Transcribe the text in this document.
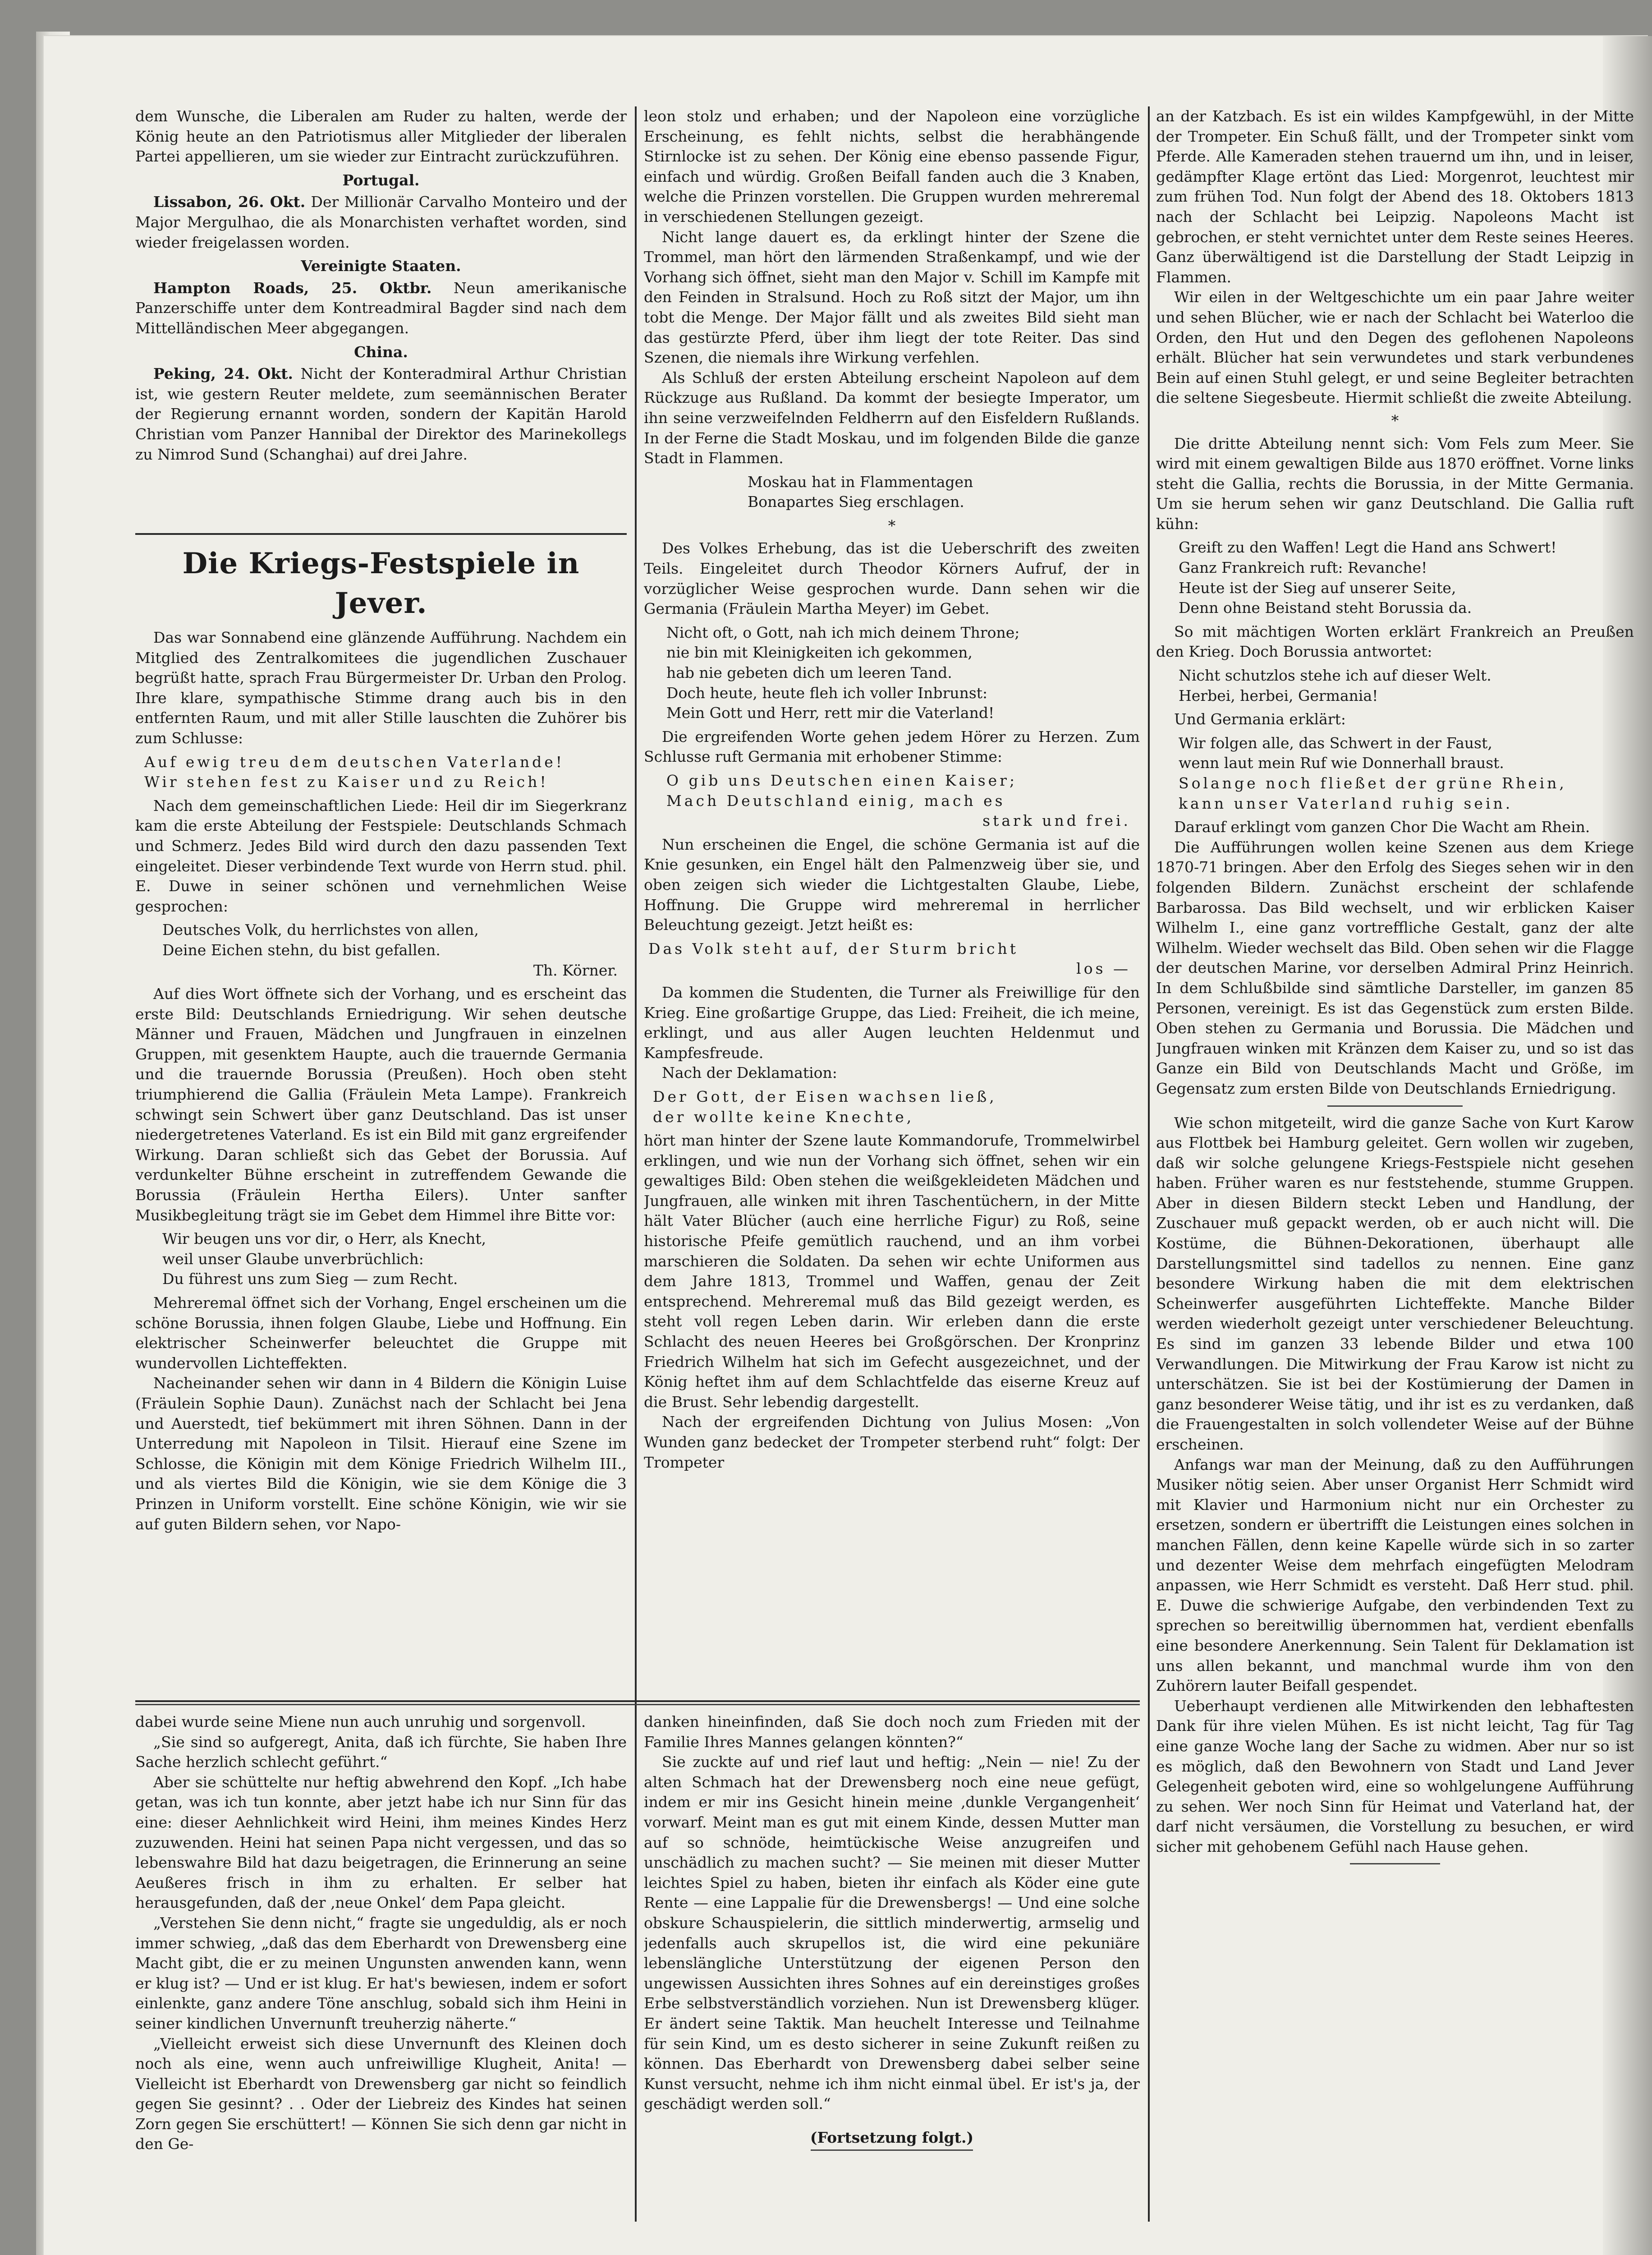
dem Wunsche, die Liberalen am Ruder zu halten, werde der König heute an den Patriotismus aller Mitglieder der liberalen Partei appellieren, um sie wieder zur Eintracht zurückzuführen.

Portugal.

Lissabon, 26. Okt. Der Millionär Carvalho Monteiro und der Major Mergulhao, die als Monarchisten verhaftet worden, sind wieder freigelassen worden.

Vereinigte Staaten.

Hampton Roads, 25. Oktbr. Neun amerikanische Panzerschiffe unter dem Kontreadmiral Bagder sind nach dem Mittelländischen Meer abgegangen.

China.

Peking, 24. Okt. Nicht der Konteradmiral Arthur Christian ist, wie gestern Reuter meldete, zum seemännischen Berater der Regierung ernannt worden, sondern der Kapitän Harold Christian vom Panzer Hannibal der Direktor des Marinekollegs zu Nimrod Sund (Schanghai) auf drei Jahre.

Die Kriegs-Festspiele in Jever.

Das war Sonnabend eine glänzende Aufführung. Nachdem ein Mitglied des Zentralkomitees die jugendlichen Zuschauer begrüßt hatte, sprach Frau Bürgermeister Dr. Urban den Prolog. Ihre klare, sympathische Stimme drang auch bis in den entfernten Raum, und mit aller Stille lauschten die Zuhörer bis zum Schlusse:

Auf ewig treu dem deutschen Vaterlande!
Wir stehen fest zu Kaiser und zu Reich!

Nach dem gemeinschaftlichen Liede: Heil dir im Siegerkranz kam die erste Abteilung der Festspiele: Deutschlands Schmach und Schmerz. Jedes Bild wird durch den dazu passenden Text eingeleitet. Dieser verbindende Text wurde von Herrn stud. phil. E. Duwe in seiner schönen und vernehmlichen Weise gesprochen:

Deutsches Volk, du herrlichstes von allen,
Deine Eichen stehn, du bist gefallen.
Th. Körner.

Auf dies Wort öffnete sich der Vorhang, und es erscheint das erste Bild: Deutschlands Erniedrigung. Wir sehen deutsche Männer und Frauen, Mädchen und Jungfrauen in einzelnen Gruppen, mit gesenktem Haupte, auch die trauernde Germania und die trauernde Borussia (Preußen). Hoch oben steht triumphierend die Gallia (Fräulein Meta Lampe). Frankreich schwingt sein Schwert über ganz Deutschland. Das ist unser niedergetretenes Vaterland. Es ist ein Bild mit ganz ergreifender Wirkung. Daran schließt sich das Gebet der Borussia. Auf verdunkelter Bühne erscheint in zutreffendem Gewande die Borussia (Fräulein Hertha Eilers). Unter sanfter Musikbegleitung trägt sie im Gebet dem Himmel ihre Bitte vor:

Wir beugen uns vor dir, o Herr, als Knecht,
weil unser Glaube unverbrüchlich:
Du führest uns zum Sieg — zum Recht.

Mehreremal öffnet sich der Vorhang, Engel erscheinen um die schöne Borussia, ihnen folgen Glaube, Liebe und Hoffnung. Ein elektrischer Scheinwerfer beleuchtet die Gruppe mit wundervollen Lichteffekten.

Nacheinander sehen wir dann in 4 Bildern die Königin Luise (Fräulein Sophie Daun). Zunächst nach der Schlacht bei Jena und Auerstedt, tief bekümmert mit ihren Söhnen. Dann in der Unterredung mit Napoleon in Tilsit. Hierauf eine Szene im Schlosse, die Königin mit dem Könige Friedrich Wilhelm III., und als viertes Bild die Königin, wie sie dem Könige die 3 Prinzen in Uniform vorstellt. Eine schöne Königin, wie wir sie auf guten Bildern sehen, vor Napo-

leon stolz und erhaben; und der Napoleon eine vorzügliche Erscheinung, es fehlt nichts, selbst die herabhängende Stirnlocke ist zu sehen. Der König eine ebenso passende Figur, einfach und würdig. Großen Beifall fanden auch die 3 Knaben, welche die Prinzen vorstellen. Die Gruppen wurden mehreremal in verschiedenen Stellungen gezeigt.

Nicht lange dauert es, da erklingt hinter der Szene die Trommel, man hört den lärmenden Straßenkampf, und wie der Vorhang sich öffnet, sieht man den Major v. Schill im Kampfe mit den Feinden in Stralsund. Hoch zu Roß sitzt der Major, um ihn tobt die Menge. Der Major fällt und als zweites Bild sieht man das gestürzte Pferd, über ihm liegt der tote Reiter. Das sind Szenen, die niemals ihre Wirkung verfehlen.

Als Schluß der ersten Abteilung erscheint Napoleon auf dem Rückzuge aus Rußland. Da kommt der besiegte Imperator, um ihn seine verzweifelnden Feldherrn auf den Eisfeldern Rußlands. In der Ferne die Stadt Moskau, und im folgenden Bilde die ganze Stadt in Flammen.

Moskau hat in Flammentagen
Bonapartes Sieg erschlagen.

*

Des Volkes Erhebung, das ist die Ueberschrift des zweiten Teils. Eingeleitet durch Theodor Körners Aufruf, der in vorzüglicher Weise gesprochen wurde. Dann sehen wir die Germania (Fräulein Martha Meyer) im Gebet.

Nicht oft, o Gott, nah ich mich deinem Throne;
nie bin mit Kleinigkeiten ich gekommen,
hab nie gebeten dich um leeren Tand.
Doch heute, heute fleh ich voller Inbrunst:
Mein Gott und Herr, rett mir die Vaterland!

Die ergreifenden Worte gehen jedem Hörer zu Herzen. Zum Schlusse ruft Germania mit erhobener Stimme:

O gib uns Deutschen einen Kaiser;
Mach Deutschland einig, mach es
stark und frei.

Nun erscheinen die Engel, die schöne Germania ist auf die Knie gesunken, ein Engel hält den Palmenzweig über sie, und oben zeigen sich wieder die Lichtgestalten Glaube, Liebe, Hoffnung. Die Gruppe wird mehreremal in herrlicher Beleuchtung gezeigt. Jetzt heißt es:

Das Volk steht auf, der Sturm bricht
los —

Da kommen die Studenten, die Turner als Freiwillige für den Krieg. Eine großartige Gruppe, das Lied: Freiheit, die ich meine, erklingt, und aus aller Augen leuchten Heldenmut und Kampfesfreude.

Nach der Deklamation:

Der Gott, der Eisen wachsen ließ,
der wollte keine Knechte,

hört man hinter der Szene laute Kommandorufe, Trommelwirbel erklingen, und wie nun der Vorhang sich öffnet, sehen wir ein gewaltiges Bild: Oben stehen die weißgekleideten Mädchen und Jungfrauen, alle winken mit ihren Taschentüchern, in der Mitte hält Vater Blücher (auch eine herrliche Figur) zu Roß, seine historische Pfeife gemütlich rauchend, und an ihm vorbei marschieren die Soldaten. Da sehen wir echte Uniformen aus dem Jahre 1813, Trommel und Waffen, genau der Zeit entsprechend. Mehreremal muß das Bild gezeigt werden, es steht voll regen Leben darin. Wir erleben dann die erste Schlacht des neuen Heeres bei Großgörschen. Der Kronprinz Friedrich Wilhelm hat sich im Gefecht ausgezeichnet, und der König heftet ihm auf dem Schlachtfelde das eiserne Kreuz auf die Brust. Sehr lebendig dargestellt.

Nach der ergreifenden Dichtung von Julius Mosen: „Von Wunden ganz bedecket der Trompeter sterbend ruht“ folgt: Der Trompeter

an der Katzbach. Es ist ein wildes Kampfgewühl, in der Mitte der Trompeter. Ein Schuß fällt, und der Trompeter sinkt vom Pferde. Alle Kameraden stehen trauernd um ihn, und in leiser, gedämpfter Klage ertönt das Lied: Morgenrot, leuchtest mir zum frühen Tod. Nun folgt der Abend des 18. Oktobers 1813 nach der Schlacht bei Leipzig. Napoleons Macht ist gebrochen, er steht vernichtet unter dem Reste seines Heeres. Ganz überwältigend ist die Darstellung der Stadt Leipzig in Flammen.

Wir eilen in der Weltgeschichte um ein paar Jahre weiter und sehen Blücher, wie er nach der Schlacht bei Waterloo die Orden, den Hut und den Degen des geflohenen Napoleons erhält. Blücher hat sein verwundetes und stark verbundenes Bein auf einen Stuhl gelegt, er und seine Begleiter betrachten die seltene Siegesbeute. Hiermit schließt die zweite Abteilung.

*

Die dritte Abteilung nennt sich: Vom Fels zum Meer. Sie wird mit einem gewaltigen Bilde aus 1870 eröffnet. Vorne links steht die Gallia, rechts die Borussia, in der Mitte Germania. Um sie herum sehen wir ganz Deutschland. Die Gallia ruft kühn:

Greift zu den Waffen! Legt die Hand ans Schwert!
Ganz Frankreich ruft: Revanche!
Heute ist der Sieg auf unserer Seite,
Denn ohne Beistand steht Borussia da.

So mit mächtigen Worten erklärt Frankreich an Preußen den Krieg. Doch Borussia antwortet:

Nicht schutzlos stehe ich auf dieser Welt.
Herbei, herbei, Germania!

Und Germania erklärt:

Wir folgen alle, das Schwert in der Faust,
wenn laut mein Ruf wie Donnerhall braust.
Solange noch fließet der grüne Rhein,
kann unser Vaterland ruhig sein.

Darauf erklingt vom ganzen Chor Die Wacht am Rhein.

Die Aufführungen wollen keine Szenen aus dem Kriege 1870-71 bringen. Aber den Erfolg des Sieges sehen wir in den folgenden Bildern. Zunächst erscheint der schlafende Barbarossa. Das Bild wechselt, und wir erblicken Kaiser Wilhelm I., eine ganz vortreffliche Gestalt, ganz der alte Wilhelm. Wieder wechselt das Bild. Oben sehen wir die Flagge der deutschen Marine, vor derselben Admiral Prinz Heinrich. In dem Schlußbilde sind sämtliche Darsteller, im ganzen 85 Personen, vereinigt. Es ist das Gegenstück zum ersten Bilde. Oben stehen zu Germania und Borussia. Die Mädchen und Jungfrauen winken mit Kränzen dem Kaiser zu, und so ist das Ganze ein Bild von Deutschlands Macht und Größe, im Gegensatz zum ersten Bilde von Deutschlands Erniedrigung.

Wie schon mitgeteilt, wird die ganze Sache von Kurt Karow aus Flottbek bei Hamburg geleitet. Gern wollen wir zugeben, daß wir solche gelungene Kriegs-Festspiele nicht gesehen haben. Früher waren es nur feststehende, stumme Gruppen. Aber in diesen Bildern steckt Leben und Handlung, der Zuschauer muß gepackt werden, ob er auch nicht will. Die Kostüme, die Bühnen-Dekorationen, überhaupt alle Darstellungsmittel sind tadellos zu nennen. Eine ganz besondere Wirkung haben die mit dem elektrischen Scheinwerfer ausgeführten Lichteffekte. Manche Bilder werden wiederholt gezeigt unter verschiedener Beleuchtung. Es sind im ganzen 33 lebende Bilder und etwa 100 Verwandlungen. Die Mitwirkung der Frau Karow ist nicht zu unterschätzen. Sie ist bei der Kostümierung der Damen in ganz besonderer Weise tätig, und ihr ist es zu verdanken, daß die Frauengestalten in solch vollendeter Weise auf der Bühne erscheinen.

Anfangs war man der Meinung, daß zu den Aufführungen Musiker nötig seien. Aber unser Organist Herr Schmidt wird mit Klavier und Harmonium nicht nur ein Orchester zu ersetzen, sondern er übertrifft die Leistungen eines solchen in manchen Fällen, denn keine Kapelle würde sich in so zarter und dezenter Weise dem mehrfach eingefügten Melodram anpassen, wie Herr Schmidt es versteht. Daß Herr stud. phil. E. Duwe die schwierige Aufgabe, den verbindenden Text zu sprechen so bereitwillig übernommen hat, verdient ebenfalls eine besondere Anerkennung. Sein Talent für Deklamation ist uns allen bekannt, und manchmal wurde ihm von den Zuhörern lauter Beifall gespendet.

Ueberhaupt verdienen alle Mitwirkenden den lebhaftesten Dank für ihre vielen Mühen. Es ist nicht leicht, Tag für Tag eine ganze Woche lang der Sache zu widmen. Aber nur so ist es möglich, daß den Bewohnern von Stadt und Land Jever Gelegenheit geboten wird, eine so wohlgelungene Aufführung zu sehen. Wer noch Sinn für Heimat und Vaterland hat, der darf nicht versäumen, die Vorstellung zu besuchen, er wird sicher mit gehobenem Gefühl nach Hause gehen.

dabei wurde seine Miene nun auch unruhig und sorgenvoll.

„Sie sind so aufgeregt, Anita, daß ich fürchte, Sie haben Ihre Sache herzlich schlecht geführt.“

Aber sie schüttelte nur heftig abwehrend den Kopf. „Ich habe getan, was ich tun konnte, aber jetzt habe ich nur Sinn für das eine: dieser Aehnlichkeit wird Heini, ihm meines Kindes Herz zuzuwenden. Heini hat seinen Papa nicht vergessen, und das so lebenswahre Bild hat dazu beigetragen, die Erinnerung an seine Aeußeres frisch in ihm zu erhalten. Er selber hat herausgefunden, daß der ‚neue Onkel‘ dem Papa gleicht.

„Verstehen Sie denn nicht,“ fragte sie ungeduldig, als er noch immer schwieg, „daß das dem Eberhardt von Drewensberg eine Macht gibt, die er zu meinen Ungunsten anwenden kann, wenn er klug ist? — Und er ist klug. Er hat's bewiesen, indem er sofort einlenkte, ganz andere Töne anschlug, sobald sich ihm Heini in seiner kindlichen Unvernunft treuherzig näherte.“

„Vielleicht erweist sich diese Unvernunft des Kleinen doch noch als eine, wenn auch unfreiwillige Klugheit, Anita! — Vielleicht ist Eberhardt von Drewensberg gar nicht so feindlich gegen Sie gesinnt? . . Oder der Liebreiz des Kindes hat seinen Zorn gegen Sie erschüttert! — Können Sie sich denn gar nicht in den Ge-

danken hineinfinden, daß Sie doch noch zum Frieden mit der Familie Ihres Mannes gelangen könnten?“

Sie zuckte auf und rief laut und heftig: „Nein — nie! Zu der alten Schmach hat der Drewensberg noch eine neue gefügt, indem er mir ins Gesicht hinein meine ‚dunkle Vergangenheit‘ vorwarf. Meint man es gut mit einem Kinde, dessen Mutter man auf so schnöde, heimtückische Weise anzugreifen und unschädlich zu machen sucht? — Sie meinen mit dieser Mutter leichtes Spiel zu haben, bieten ihr einfach als Köder eine gute Rente — eine Lappalie für die Drewensbergs! — Und eine solche obskure Schauspielerin, die sittlich minderwertig, armselig und jedenfalls auch skrupellos ist, die wird eine pekuniäre lebenslängliche Unterstützung der eigenen Person den ungewissen Aussichten ihres Sohnes auf ein dereinstiges großes Erbe selbstverständlich vorziehen. Nun ist Drewensberg klüger. Er ändert seine Taktik. Man heuchelt Interesse und Teilnahme für sein Kind, um es desto sicherer in seine Zukunft reißen zu können. Das Eberhardt von Drewensberg dabei selber seine Kunst versucht, nehme ich ihm nicht einmal übel. Er ist's ja, der geschädigt werden soll.“

(Fortsetzung folgt.)
